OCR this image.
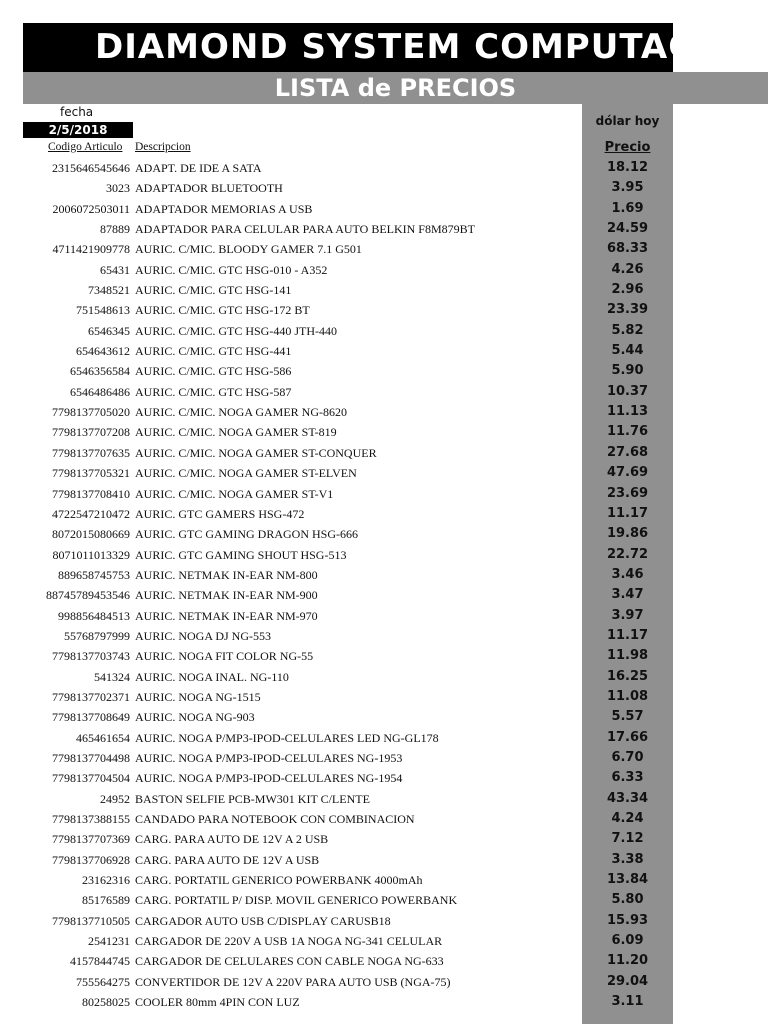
DIAMOND SYSTEM COMPUTACIO
LISTA de PRECIOS
fecha
2/5/2018
dólar hoy
Codigo Articulo Descripcion	Precio
2315646545646 ADAPT. DE IDE A SATA	18.12
3023 ADAPTADOR BLUETOOTH	3.95
2006072503011 ADAPTADOR MEMORIAS A USB	1.69
87889 ADAPTADOR PARA CELULAR PARA AUTO BELKIN F8M879BT	24.59
4711421909778 AURIC. C/MIC. BLOODY GAMER 7.1 G501	68.33
65431 AURIC. C/MIC. GTC HSG-010 - A352	4.26
7348521 AURIC. C/MIC. GTC HSG-141	2.96
751548613 AURIC. C/MIC. GTC HSG-172 BT	23.39
6546345 AURIC. C/MIC. GTC HSG-440 JTH-440	5.82
654643612 AURIC. C/MIC. GTC HSG-441	5.44
6546356584 AURIC. C/MIC. GTC HSG-586	5.90
6546486486 AURIC. C/MIC. GTC HSG-587	10.37
7798137705020 AURIC. C/MIC. NOGA GAMER NG-8620	11.13
7798137707208 AURIC. C/MIC. NOGA GAMER ST-819	11.76
7798137707635 AURIC. C/MIC. NOGA GAMER ST-CONQUER	27.68
7798137705321 AURIC. C/MIC. NOGA GAMER ST-ELVEN	47.69
7798137708410 AURIC. C/MIC. NOGA GAMER ST-V1	23.69
4722547210472 AURIC. GTC GAMERS HSG-472	11.17
8072015080669 AURIC. GTC GAMING DRAGON HSG-666	19.86
8071011013329 AURIC. GTC GAMING SHOUT HSG-513	22.72
889658745753 AURIC. NETMAK IN-EAR NM-800	3.46
88745789453546 AURIC. NETMAK IN-EAR NM-900	3.47
998856484513 AURIC. NETMAK IN-EAR NM-970	3.97
55768797999 AURIC. NOGA DJ NG-553	11.17
7798137703743 AURIC. NOGA FIT COLOR NG-55	11.98
541324 AURIC. NOGA INAL. NG-110	16.25
7798137702371 AURIC. NOGA NG-1515	11.08
7798137708649 AURIC. NOGA NG-903	5.57
465461654 AURIC. NOGA P/MP3-IPOD-CELULARES LED NG-GL178	17.66
7798137704498 AURIC. NOGA P/MP3-IPOD-CELULARES NG-1953	6.70
7798137704504 AURIC. NOGA P/MP3-IPOD-CELULARES NG-1954	6.33
24952 BASTON SELFIE PCB-MW301 KIT C/LENTE	43.34
7798137388155 CANDADO PARA NOTEBOOK CON COMBINACION	4.24
7798137707369 CARG. PARA AUTO DE 12V A 2 USB	7.12
7798137706928 CARG. PARA AUTO DE 12V A USB	3.38
23162316 CARG. PORTATIL GENERICO POWERBANK 4000mAh	13.84
85176589 CARG. PORTATIL P/ DISP. MOVIL GENERICO POWERBANK	5.80
7798137710505 CARGADOR AUTO USB C/DISPLAY CARUSB18	15.93
2541231 CARGADOR DE 220V A USB 1A NOGA NG-341 CELULAR	6.09
4157844745 CARGADOR DE CELULARES CON CABLE NOGA NG-633	11.20
755564275 CONVERTIDOR DE 12V A 220V PARA AUTO USB (NGA-75)	29.04
80258025 COOLER 80mm 4PIN CON LUZ	3.11
